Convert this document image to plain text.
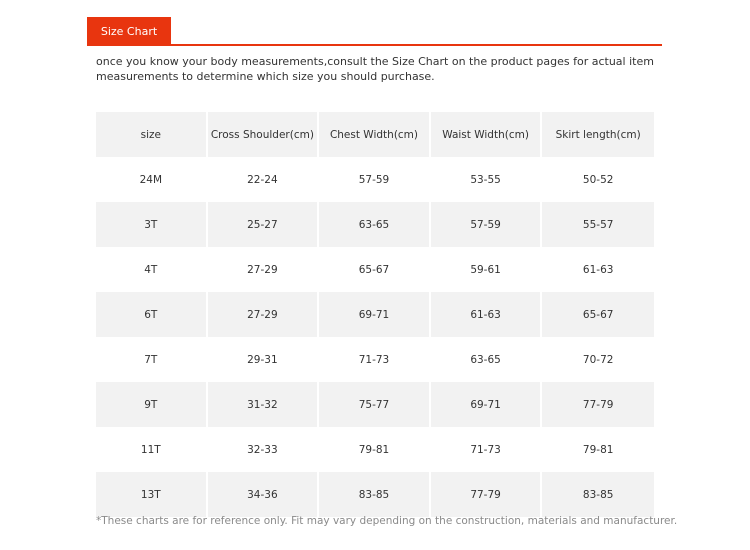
Size Chart
once you know your body measurements,consult the Size Chart on the product pages for actual item measurements to determine which size you should purchase.
size	Cross Shoulder(cm)	Chest Width(cm)	Waist Width(cm)	Skirt length(cm)
24M	22-24	57-59	53-55	50-52
3T	25-27	63-65	57-59	55-57
4T	27-29	65-67	59-61	61-63
6T	27-29	69-71	61-63	65-67
7T	29-31	71-73	63-65	70-72
9T	31-32	75-77	69-71	77-79
11T	32-33	79-81	71-73	79-81
13T	34-36	83-85	77-79	83-85
*These charts are for reference only. Fit may vary depending on the construction, materials and manufacturer.
